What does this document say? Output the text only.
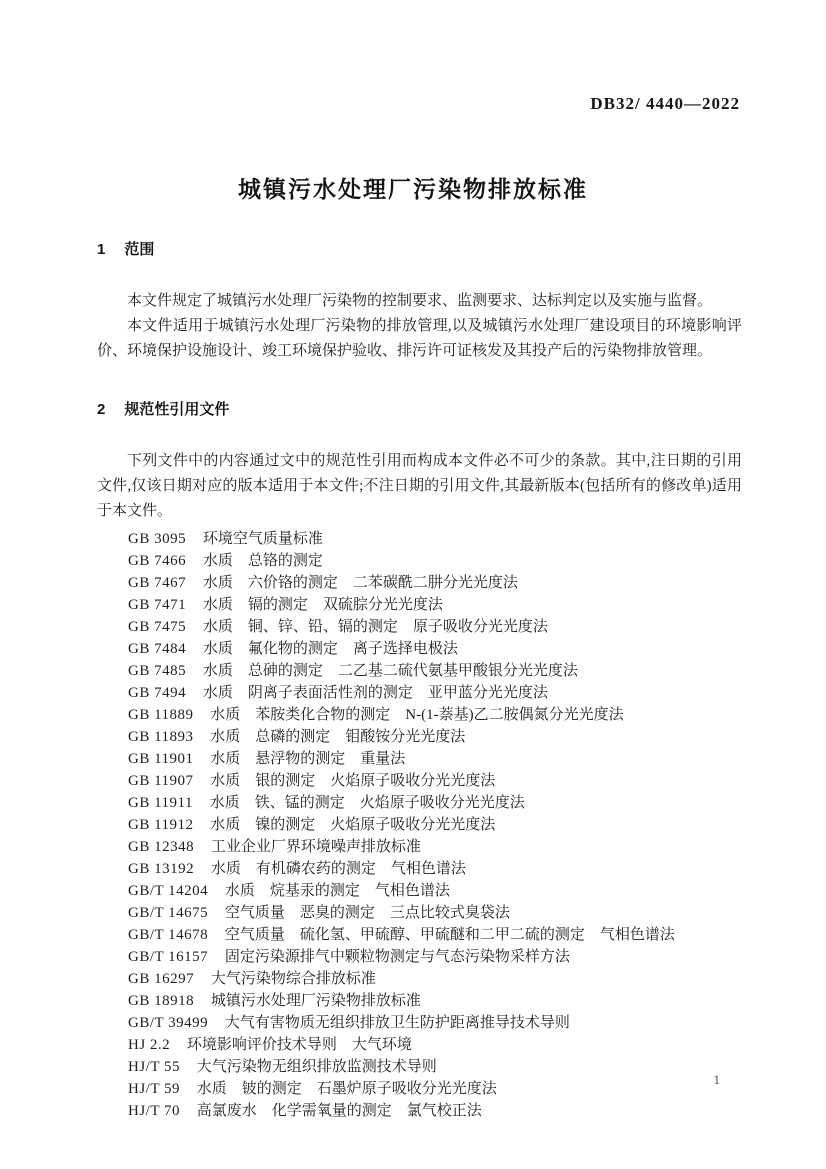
DB32/ 4440—2022
城镇污水处理厂污染物排放标准
1 范围

本文件规定了城镇污水处理厂污染物的控制要求、监测要求、达标判定以及实施与监督。

本文件适用于城镇污水处理厂污染物的排放管理,以及城镇污水处理厂建设项目的环境影响评价、环境保护设施设计、竣工环境保护验收、排污许可证核发及其投产后的污染物排放管理。

2 规范性引用文件

下列文件中的内容通过文中的规范性引用而构成本文件必不可少的条款。其中,注日期的引用文件,仅该日期对应的版本适用于本文件;不注日期的引用文件,其最新版本(包括所有的修改单)适用于本文件。

GB 3095 环境空气质量标准
GB 7466 水质　总铬的测定
GB 7467 水质　六价铬的测定　二苯碳酰二肼分光光度法
GB 7471 水质　镉的测定　双硫腙分光光度法
GB 7475 水质　铜、锌、铅、镉的测定　原子吸收分光光度法
GB 7484 水质　氟化物的测定　离子选择电极法
GB 7485 水质　总砷的测定　二乙基二硫代氨基甲酸银分光光度法
GB 7494 水质　阴离子表面活性剂的测定　亚甲蓝分光光度法
GB 11889 水质　苯胺类化合物的测定　N-(1-萘基)乙二胺偶氮分光光度法
GB 11893 水质　总磷的测定　钼酸铵分光光度法
GB 11901 水质　悬浮物的测定　重量法
GB 11907 水质　银的测定　火焰原子吸收分光光度法
GB 11911 水质　铁、锰的测定　火焰原子吸收分光光度法
GB 11912 水质　镍的测定　火焰原子吸收分光光度法
GB 12348 工业企业厂界环境噪声排放标准
GB 13192 水质　有机磷农药的测定　气相色谱法
GB/T 14204 水质　烷基汞的测定　气相色谱法
GB/T 14675 空气质量　恶臭的测定　三点比较式臭袋法
GB/T 14678 空气质量　硫化氢、甲硫醇、甲硫醚和二甲二硫的测定　气相色谱法
GB/T 16157 固定污染源排气中颗粒物测定与气态污染物采样方法
GB 16297 大气污染物综合排放标准
GB 18918 城镇污水处理厂污染物排放标准
GB/T 39499 大气有害物质无组织排放卫生防护距离推导技术导则
HJ 2.2 环境影响评价技术导则　大气环境
HJ/T 55 大气污染物无组织排放监测技术导则
HJ/T 59 水质　铍的测定　石墨炉原子吸收分光光度法
HJ/T 70 高氯废水　化学需氧量的测定　氯气校正法
1
